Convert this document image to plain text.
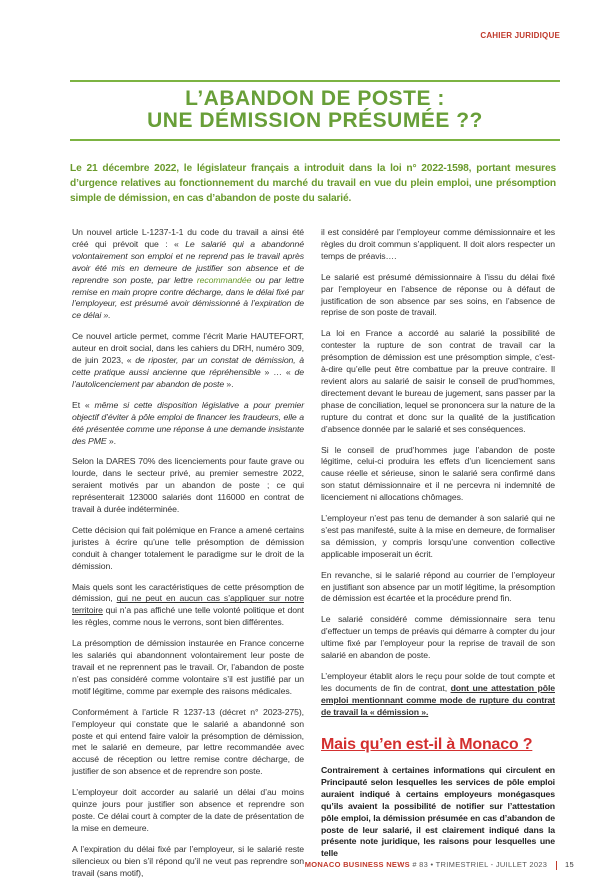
CAHIER JURIDIQUE
L’ABANDON DE POSTE :
UNE DÉMISSION PRÉSUMÉE ??
Le 21 décembre 2022, le législateur français a introduit dans la loi n° 2022-1598, portant mesures d’urgence relatives au fonctionnement du marché du travail en vue du plein emploi, une présomption simple de démission, en cas d’abandon de poste du salarié.

Un nouvel article L-1237-1-1 du code du travail a ainsi été créé qui prévoit que : « Le salarié qui a abandonné volontairement son emploi et ne reprend pas le travail après avoir été mis en demeure de justifier son absence et de reprendre son poste, par lettre recommandée ou par lettre remise en main propre contre décharge, dans le délai fixé par l’employeur, est présumé avoir démissionné à l’expiration de ce délai ».

Ce nouvel article permet, comme l’écrit Marie HAUTEFORT, auteur en droit social, dans les cahiers du DRH, numéro 309, de juin 2023, « de riposter, par un constat de démission, à cette pratique aussi ancienne que répréhensible » … « de l’autolicenciement par abandon de poste ».

Et « même si cette disposition législative a pour premier objectif d’éviter à pôle emploi de financer les fraudeurs, elle a été présentée comme une réponse à une demande insistante des PME ».

Selon la DARES 70% des licenciements pour faute grave ou lourde, dans le secteur privé, au premier semestre 2022, seraient motivés par un abandon de poste ; ce qui représenterait 123000 salariés dont 116000 en contrat de travail à durée indéterminée.

Cette décision qui fait polémique en France a amené certains juristes à écrire qu’une telle présomption de démission conduit à changer totalement le paradigme sur le droit de la démission.

Mais quels sont les caractéristiques de cette présomption de démission, qui ne peut en aucun cas s’appliquer sur notre territoire qui n’a pas affiché une telle volonté politique et dont les règles, comme nous le verrons, sont bien différentes.

La présomption de démission instaurée en France concerne les salariés qui abandonnent volontairement leur poste de travail et ne reprennent pas le travail. Or, l’abandon de poste n’est pas considéré comme volontaire s’il est justifié par un motif légitime, comme par exemple des raisons médicales.

Conformément à l’article R 1237-13 (décret n° 2023-275), l’employeur qui constate que le salarié a abandonné son poste et qui entend faire valoir la présomption de démission, met le salarié en demeure, par lettre recommandée avec accusé de réception ou lettre remise contre décharge, de justifier de son absence et de reprendre son poste.

L’employeur doit accorder au salarié un délai d’au moins quinze jours pour justifier son absence et reprendre son poste. Ce délai court à compter de la date de présentation de la mise en demeure.

A l’expiration du délai fixé par l’employeur, si le salarié reste silencieux ou bien s’il répond qu’il ne veut pas reprendre son travail (sans motif),

il est considéré par l’employeur comme démissionnaire et les règles du droit commun s’appliquent. Il doit alors respecter un temps de préavis….

Le salarié est présumé démissionnaire à l’issu du délai fixé par l’employeur en l’absence de réponse ou à défaut de justification de son absence par ses soins, en l’absence de reprise de son poste de travail.

La loi en France a accordé au salarié la possibilité de contester la rupture de son contrat de travail car la présomption de démission est une présomption simple, c’est-à-dire qu’elle peut être combattue par la preuve contraire. Il revient alors au salarié de saisir le conseil de prud’hommes, directement devant le bureau de jugement, sans passer par la phase de conciliation, lequel se prononcera sur la nature de la rupture du contrat et donc sur la qualité de la justification d’absence donnée par le salarié et ses conséquences.

Si le conseil de prud’hommes juge l’abandon de poste légitime, celui-ci produira les effets d’un licenciement sans cause réelle et sérieuse, sinon le salarié sera confirmé dans son statut démissionnaire et il ne percevra ni indemnité de licenciement ni allocations chômages.

L’employeur n’est pas tenu de demander à son salarié qui ne s’est pas manifesté, suite à la mise en demeure, de formaliser sa démission, y compris lorsqu’une convention collective applicable imposerait un écrit.

En revanche, si le salarié répond au courrier de l’employeur en justifiant son absence par un motif légitime, la présomption de démission est écartée et la procédure prend fin.

Le salarié considéré comme démissionnaire sera tenu d’effectuer un temps de préavis qui démarre à compter du jour ultime fixé par l’employeur pour la reprise de travail de son salarié en abandon de poste.

L’employeur établit alors le reçu pour solde de tout compte et les documents de fin de contrat, dont une attestation pôle emploi mentionnant comme mode de rupture du contrat de travail la « démission ».

Mais qu’en est-il à Monaco ?
Contrairement à certaines informations qui circulent en Principauté selon lesquelles les services de pôle emploi auraient indiqué à certains employeurs monégasques qu’ils avaient la possibilité de notifier sur l’attestation pôle emploi, la démission présumée en cas d’abandon de poste de leur salarié, il est clairement indiqué dans la présente note juridique, les raisons pour lesquelles une telle
MONACO BUSINESS NEWS # 83 • TRIMESTRIEL - JUILLET 2023 15
